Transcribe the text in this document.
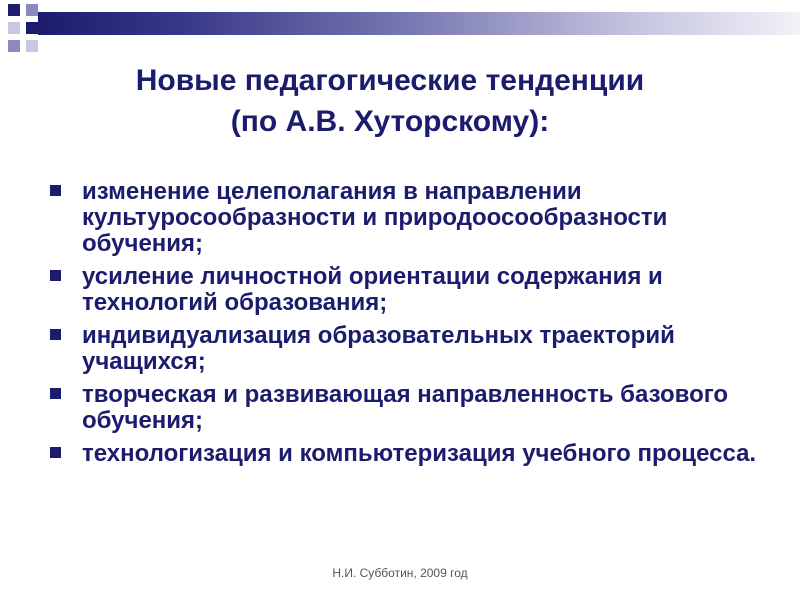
Новые педагогические тенденции
(по А.В. Хуторскому):
изменение целеполагания в направлении культуросообразности и природоосообразности обучения;
усиление личностной ориентации содержания и технологий образования;
индивидуализация образовательных траекторий учащихся;
творческая и развивающая направленность базового обучения;
технологизация и компьютеризация учебного процесса.
Н.И. Субботин, 2009 год
